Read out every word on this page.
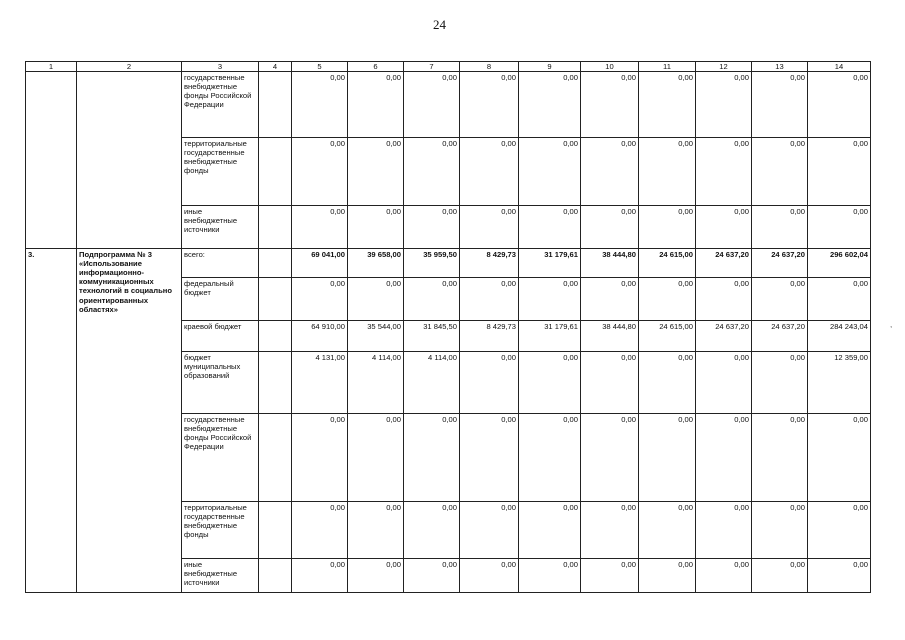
24
1	2	3	4	5	6	7	8	9	10	11	12	13	14
		государственные внебюджетные фонды Российской Федерации		0,00	0,00	0,00	0,00	0,00	0,00	0,00	0,00	0,00	0,00
		территориальные государственные внебюджетные фонды		0,00	0,00	0,00	0,00	0,00	0,00	0,00	0,00	0,00	0,00
		иные внебюджетные источники		0,00	0,00	0,00	0,00	0,00	0,00	0,00	0,00	0,00	0,00
3.	Подпрограмма № 3 «Использование информационно-коммуникационных технологий в социально ориентированных областях»	всего:		69 041,00	39 658,00	35 959,50	8 429,73	31 179,61	38 444,80	24 615,00	24 637,20	24 637,20	296 602,04
		федеральный бюджет		0,00	0,00	0,00	0,00	0,00	0,00	0,00	0,00	0,00	0,00
		краевой бюджет		64 910,00	35 544,00	31 845,50	8 429,73	31 179,61	38 444,80	24 615,00	24 637,20	24 637,20	284 243,04
		бюджет муниципальных образований		4 131,00	4 114,00	4 114,00	0,00	0,00	0,00	0,00	0,00	0,00	12 359,00
		государственные внебюджетные фонды Российской Федерации		0,00	0,00	0,00	0,00	0,00	0,00	0,00	0,00	0,00	0,00
		территориальные государственные внебюджетные фонды		0,00	0,00	0,00	0,00	0,00	0,00	0,00	0,00	0,00	0,00
		иные внебюджетные источники		0,00	0,00	0,00	0,00	0,00	0,00	0,00	0,00	0,00	0,00
,
